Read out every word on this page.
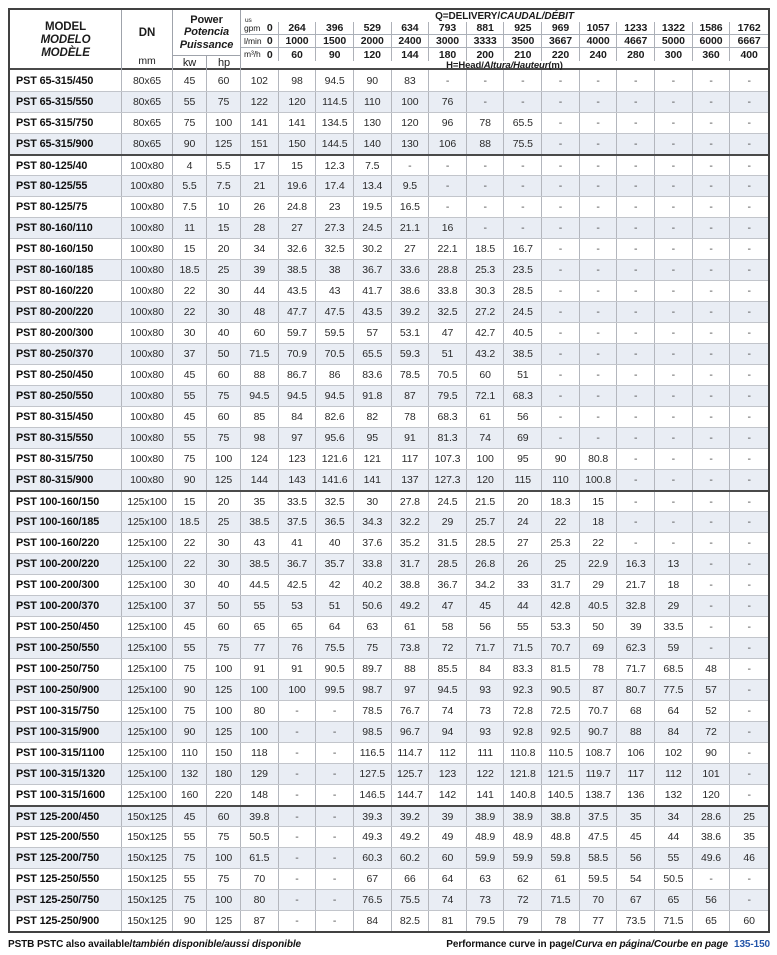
MODEL
MODELO
MODÈLE
DN
mm
Power
Potencia
Puissance
kw	hp
Q=DELIVERY/CAUDAL/DÉBIT
us
gpm 0	264	396	529	634	793	881	925	969	1057	1233	1322	1586	1762
l/min 0	1000	1500	2000	2400	3000	3333	3500	3667	4000	4667	5000	6000	6667
m³/h 0	60	90	120	144	180	200	210	220	240	280	300	360	400
H=Head/Altura/Hauteur(m)
PST 65-315/450	80x65	45	60	102	98	94.5	90	83	-	-	-	-	-	-	-	-	-
PST 65-315/550	80x65	55	75	122	120	114.5	110	100	76	-	-	-	-	-	-	-	-
PST 65-315/750	80x65	75	100	141	141	134.5	130	120	96	78	65.5	-	-	-	-	-	-
PST 65-315/900	80x65	90	125	151	150	144.5	140	130	106	88	75.5	-	-	-	-	-	-
PST 80-125/40	100x80	4	5.5	17	15	12.3	7.5	-	-	-	-	-	-	-	-	-	-
PST 80-125/55	100x80	5.5	7.5	21	19.6	17.4	13.4	9.5	-	-	-	-	-	-	-	-	-
PST 80-125/75	100x80	7.5	10	26	24.8	23	19.5	16.5	-	-	-	-	-	-	-	-	-
PST 80-160/110	100x80	11	15	28	27	27.3	24.5	21.1	16	-	-	-	-	-	-	-	-
PST 80-160/150	100x80	15	20	34	32.6	32.5	30.2	27	22.1	18.5	16.7	-	-	-	-	-	-
PST 80-160/185	100x80	18.5	25	39	38.5	38	36.7	33.6	28.8	25.3	23.5	-	-	-	-	-	-
PST 80-160/220	100x80	22	30	44	43.5	43	41.7	38.6	33.8	30.3	28.5	-	-	-	-	-	-
PST 80-200/220	100x80	22	30	48	47.7	47.5	43.5	39.2	32.5	27.2	24.5	-	-	-	-	-	-
PST 80-200/300	100x80	30	40	60	59.7	59.5	57	53.1	47	42.7	40.5	-	-	-	-	-	-
PST 80-250/370	100x80	37	50	71.5	70.9	70.5	65.5	59.3	51	43.2	38.5	-	-	-	-	-	-
PST 80-250/450	100x80	45	60	88	86.7	86	83.6	78.5	70.5	60	51	-	-	-	-	-	-
PST 80-250/550	100x80	55	75	94.5	94.5	94.5	91.8	87	79.5	72.1	68.3	-	-	-	-	-	-
PST 80-315/450	100x80	45	60	85	84	82.6	82	78	68.3	61	56	-	-	-	-	-	-
PST 80-315/550	100x80	55	75	98	97	95.6	95	91	81.3	74	69	-	-	-	-	-	-
PST 80-315/750	100x80	75	100	124	123	121.6	121	117	107.3	100	95	90	80.8	-	-	-	-
PST 80-315/900	100x80	90	125	144	143	141.6	141	137	127.3	120	115	110	100.8	-	-	-	-
PST 100-160/150	125x100	15	20	35	33.5	32.5	30	27.8	24.5	21.5	20	18.3	15	-	-	-	-
PST 100-160/185	125x100	18.5	25	38.5	37.5	36.5	34.3	32.2	29	25.7	24	22	18	-	-	-	-
PST 100-160/220	125x100	22	30	43	41	40	37.6	35.2	31.5	28.5	27	25.3	22	-	-	-	-
PST 100-200/220	125x100	22	30	38.5	36.7	35.7	33.8	31.7	28.5	26.8	26	25	22.9	16.3	13	-	-
PST 100-200/300	125x100	30	40	44.5	42.5	42	40.2	38.8	36.7	34.2	33	31.7	29	21.7	18	-	-
PST 100-200/370	125x100	37	50	55	53	51	50.6	49.2	47	45	44	42.8	40.5	32.8	29	-	-
PST 100-250/450	125x100	45	60	65	65	64	63	61	58	56	55	53.3	50	39	33.5	-	-
PST 100-250/550	125x100	55	75	77	76	75.5	75	73.8	72	71.7	71.5	70.7	69	62.3	59	-	-
PST 100-250/750	125x100	75	100	91	91	90.5	89.7	88	85.5	84	83.3	81.5	78	71.7	68.5	48	-
PST 100-250/900	125x100	90	125	100	100	99.5	98.7	97	94.5	93	92.3	90.5	87	80.7	77.5	57	-
PST 100-315/750	125x100	75	100	80	-	-	78.5	76.7	74	73	72.8	72.5	70.7	68	64	52	-
PST 100-315/900	125x100	90	125	100	-	-	98.5	96.7	94	93	92.8	92.5	90.7	88	84	72	-
PST 100-315/1100	125x100	110	150	118	-	-	116.5	114.7	112	111	110.8	110.5	108.7	106	102	90	-
PST 100-315/1320	125x100	132	180	129	-	-	127.5	125.7	123	122	121.8	121.5	119.7	117	112	101	-
PST 100-315/1600	125x100	160	220	148	-	-	146.5	144.7	142	141	140.8	140.5	138.7	136	132	120	-
PST 125-200/450	150x125	45	60	39.8	-	-	39.3	39.2	39	38.9	38.9	38.8	37.5	35	34	28.6	25
PST 125-200/550	150x125	55	75	50.5	-	-	49.3	49.2	49	48.9	48.9	48.8	47.5	45	44	38.6	35
PST 125-200/750	150x125	75	100	61.5	-	-	60.3	60.2	60	59.9	59.9	59.8	58.5	56	55	49.6	46
PST 125-250/550	150x125	55	75	70	-	-	67	66	64	63	62	61	59.5	54	50.5	-	-
PST 125-250/750	150x125	75	100	80	-	-	76.5	75.5	74	73	72	71.5	70	67	65	56	-
PST 125-250/900	150x125	90	125	87	-	-	84	82.5	81	79.5	79	78	77	73.5	71.5	65	60
PSTB PSTC also available/también disponible/aussi disponible	Performance curve in page/Curva en página/Courbe en page 135-150
